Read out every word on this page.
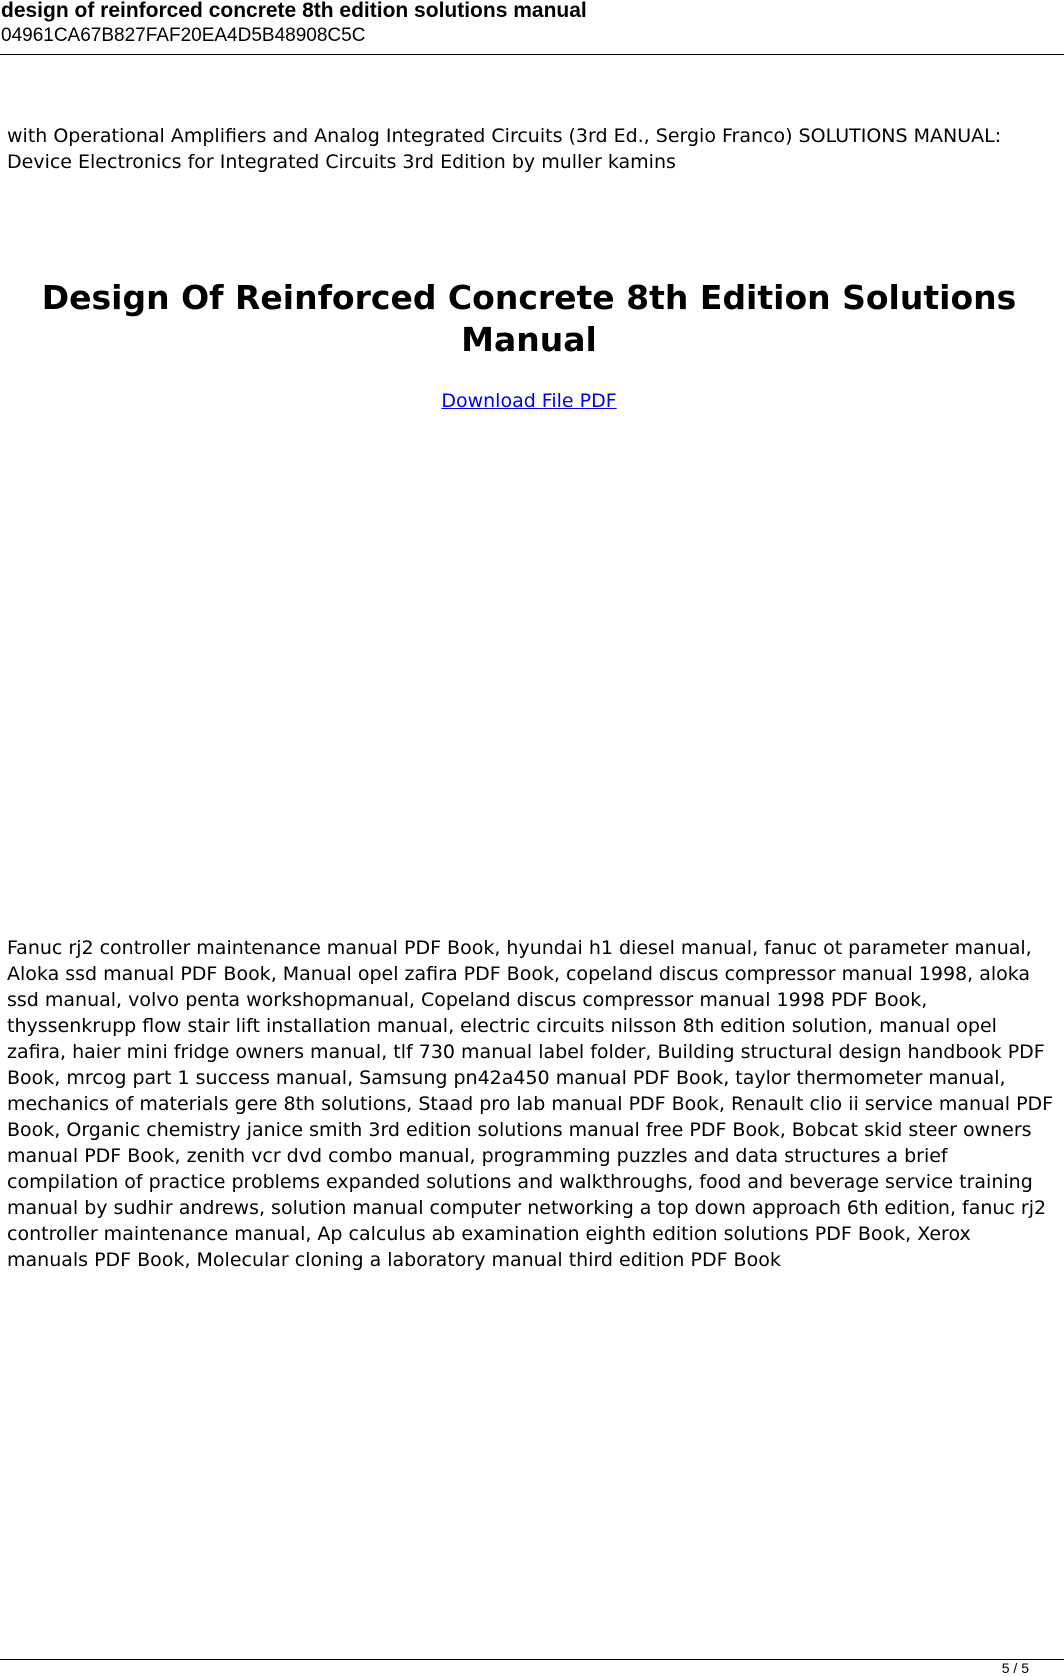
design of reinforced concrete 8th edition solutions manual
04961CA67B827FAF20EA4D5B48908C5C
with Operational Amplifiers and Analog Integrated Circuits (3rd Ed., Sergio Franco) SOLUTIONS MANUAL: Device Electronics for Integrated Circuits 3rd Edition by muller kamins
Design Of Reinforced Concrete 8th Edition Solutions Manual
Download File PDF
Fanuc rj2 controller maintenance manual PDF Book, hyundai h1 diesel manual, fanuc ot parameter manual, Aloka ssd manual PDF Book, Manual opel zafira PDF Book, copeland discus compressor manual 1998, aloka ssd manual, volvo penta workshopmanual, Copeland discus compressor manual 1998 PDF Book, thyssenkrupp flow stair lift installation manual, electric circuits nilsson 8th edition solution, manual opel zafira, haier mini fridge owners manual, tlf 730 manual label folder, Building structural design handbook PDF Book, mrcog part 1 success manual, Samsung pn42a450 manual PDF Book, taylor thermometer manual, mechanics of materials gere 8th solutions, Staad pro lab manual PDF Book, Renault clio ii service manual PDF Book, Organic chemistry janice smith 3rd edition solutions manual free PDF Book, Bobcat skid steer owners manual PDF Book, zenith vcr dvd combo manual, programming puzzles and data structures a brief compilation of practice problems expanded solutions and walkthroughs, food and beverage service training manual by sudhir andrews, solution manual computer networking a top down approach 6th edition, fanuc rj2 controller maintenance manual, Ap calculus ab examination eighth edition solutions PDF Book, Xerox manuals PDF Book, Molecular cloning a laboratory manual third edition PDF Book
5 / 5
